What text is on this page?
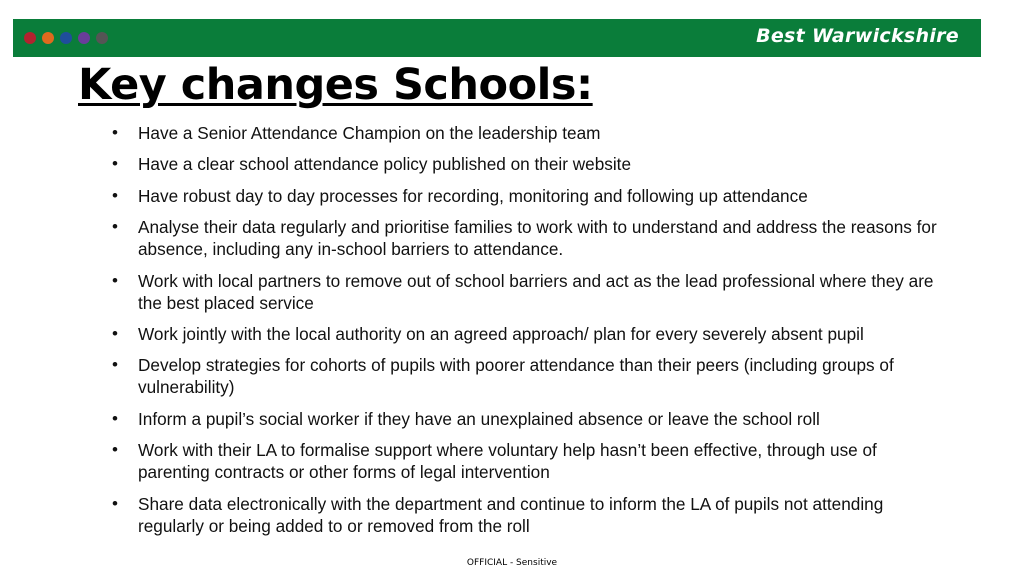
Best Warwickshire
Key changes Schools:
•	Have a Senior Attendance Champion on the leadership team
•	Have a clear school attendance policy published on their website
•	Have robust day to day processes for recording, monitoring and following up attendance
•	Analyse their data regularly and prioritise families to work with to understand and address the reasons for absence, including any in-school barriers to attendance.
•	Work with local partners to remove out of school barriers and act as the lead professional where they are the best placed service
•	Work jointly with the local authority on an agreed approach/ plan for every severely absent pupil
•	Develop strategies for cohorts of pupils with poorer attendance than their peers (including groups of vulnerability)
•	Inform a pupil’s social worker if they have an unexplained absence or leave the school roll
•	Work with their LA to formalise support where voluntary help hasn’t been effective, through use of parenting contracts or other forms of legal intervention
•	Share data electronically with the department and continue to inform the LA of pupils not attending regularly or being added to or removed from the roll
OFFICIAL - Sensitive
